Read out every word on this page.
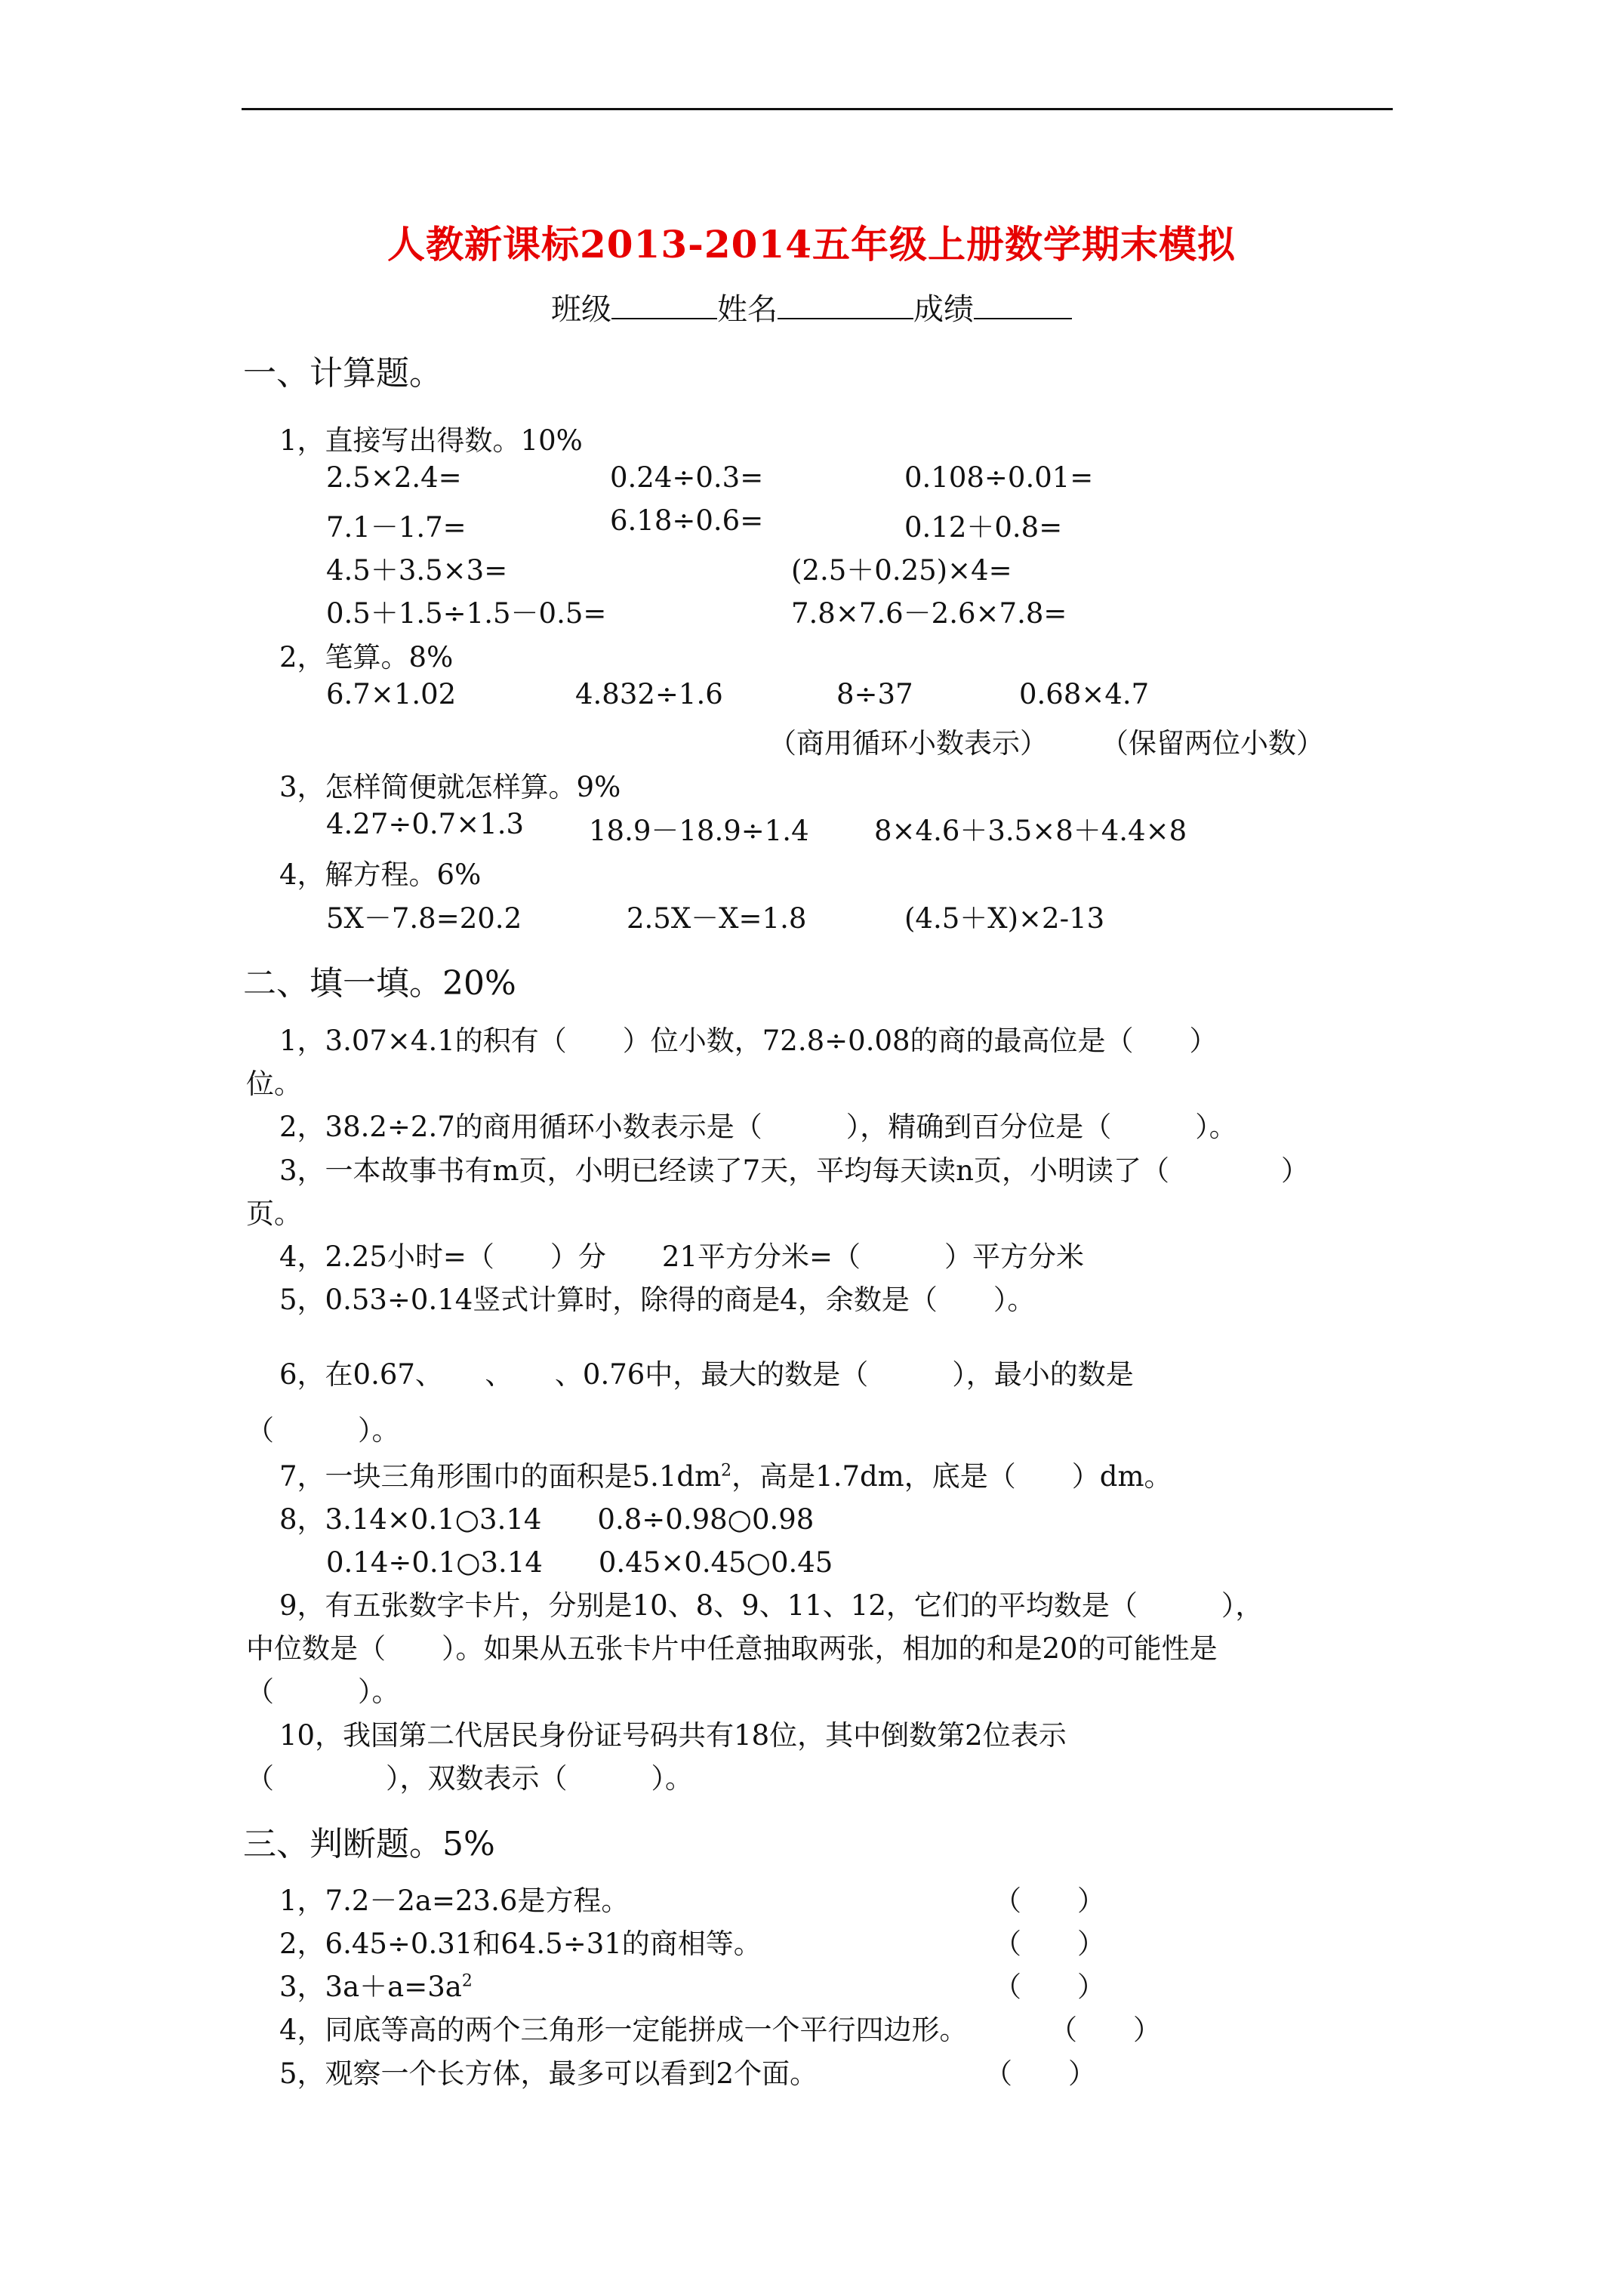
人教新课标2013-2014五年级上册数学期末模拟
班级	姓名	成绩
一、计算题。
1，直接写出得数。10%
2.5×2.4=	0.24÷0.3=	0.108÷0.01=
7.1－1.7=	6.18÷0.6=	0.12＋0.8=
4.5＋3.5×3=	(2.5＋0.25)×4=
0.5＋1.5÷1.5－0.5=	7.8×7.6－2.6×7.8=
2，笔算。8%
6.7×1.02	4.832÷1.6	8÷37	0.68×4.7
（商用循环小数表示） （保留两位小数）
3，怎样简便就怎样算。9%
4.27÷0.7×1.3 18.9－18.9÷1.4 8×4.6＋3.5×8＋4.4×8
4，解方程。6%
5X－7.8=20.2	2.5X－X=1.8	(4.5＋X)×2-13
二、填一填。20%
1，3.07×4.1的积有（　　）位小数，72.8÷0.08的商的最高位是（　　）
位。
2，38.2÷2.7的商用循环小数表示是（　　　），精确到百分位是（　　　）。
3，一本故事书有m页，小明已经读了7天，平均每天读n页，小明读了（　　　　）
页。
4，2.25小时=（　　）分　　21平方分米=（　　　）平方分米
5，0.53÷0.14竖式计算时，除得的商是4，余数是（　　）。
6，在0.67、　　、　　、0.76中，最大的数是（　　　），最小的数是
（　　　）。
7，一块三角形围巾的面积是$5.1dm^2$，高是1.7dm，底是（　　）dm。
8，3.14×0.1○3.14　　0.8÷0.98○0.98
0.14÷0.1○3.14　　0.45×0.45○0.45
9，有五张数字卡片，分别是10、8、9、11、12，它们的平均数是（　　　），
中位数是（　　）。如果从五张卡片中任意抽取两张，相加的和是20的可能性是
（　　　）。
10，我国第二代居民身份证号码共有18位，其中倒数第2位表示
（　　　　），双数表示（　　　）。
三、判断题。5%
1，7.2－2a=23.6是方程。	（　　）
2，6.45÷0.31和64.5÷31的商相等。	（　　）
3，$3a+a=3a^2$	（　　）
4，同底等高的两个三角形一定能拼成一个平行四边形。	（　　）
5，观察一个长方体，最多可以看到2个面。	（　　）
